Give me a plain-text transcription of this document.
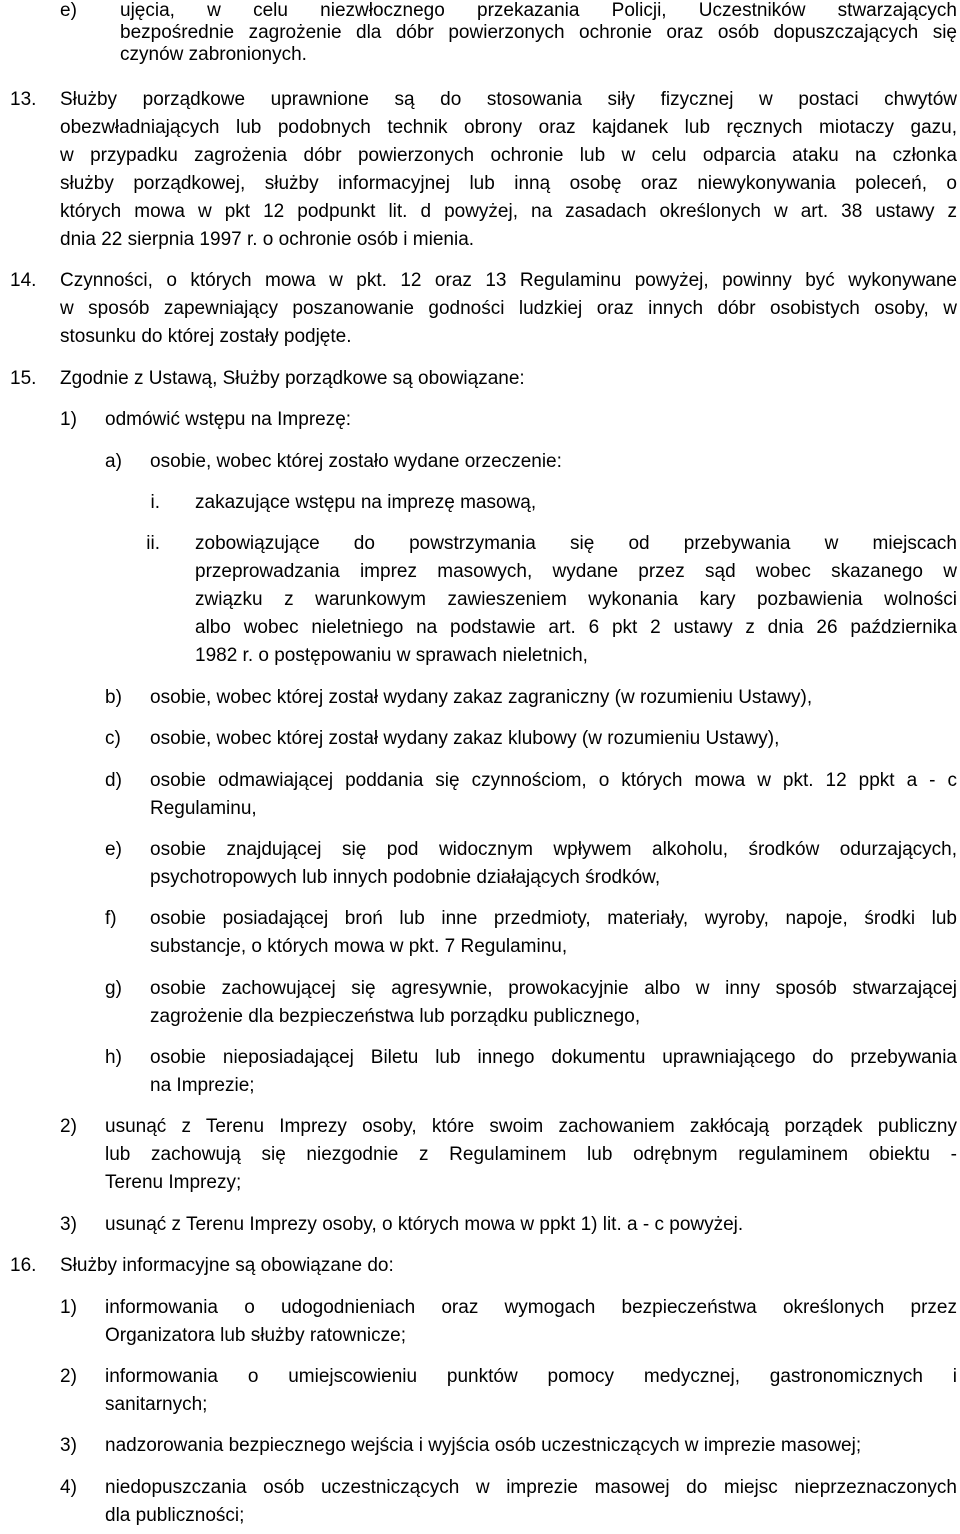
e) ujęcia, w celu niezwłocznego przekazania Policji, Uczestników stwarzających
bezpośrednie zagrożenie dla dóbr powierzonych ochronie oraz osób dopuszczających się
czynów zabronionych.
13. Służby porządkowe uprawnione są do stosowania siły fizycznej w postaci chwytów
obezwładniających lub podobnych technik obrony oraz kajdanek lub ręcznych miotaczy gazu,
w przypadku zagrożenia dóbr powierzonych ochronie lub w celu odparcia ataku na członka
służby porządkowej, służby informacyjnej lub inną osobę oraz niewykonywania poleceń, o
których mowa w pkt 12 podpunkt lit. d powyżej, na zasadach określonych w art. 38 ustawy z
dnia 22 sierpnia 1997 r. o ochronie osób i mienia.
14. Czynności, o których mowa w pkt. 12 oraz 13 Regulaminu powyżej, powinny być wykonywane
w sposób zapewniający poszanowanie godności ludzkiej oraz innych dóbr osobistych osoby, w
stosunku do której zostały podjęte.
15. Zgodnie z Ustawą, Służby porządkowe są obowiązane:
1) odmówić wstępu na Imprezę:
a) osobie, wobec której zostało wydane orzeczenie:
i. zakazujące wstępu na imprezę masową,
ii. zobowiązujące do powstrzymania się od przebywania w miejscach
przeprowadzania imprez masowych, wydane przez sąd wobec skazanego w
związku z warunkowym zawieszeniem wykonania kary pozbawienia wolności
albo wobec nieletniego na podstawie art. 6 pkt 2 ustawy z dnia 26 października
1982 r. o postępowaniu w sprawach nieletnich,
b) osobie, wobec której został wydany zakaz zagraniczny (w rozumieniu Ustawy),
c) osobie, wobec której został wydany zakaz klubowy (w rozumieniu Ustawy),
d) osobie odmawiającej poddania się czynnościom, o których mowa w pkt. 12 ppkt a - c
Regulaminu,
e) osobie znajdującej się pod widocznym wpływem alkoholu, środków odurzających,
psychotropowych lub innych podobnie działających środków,
f) osobie posiadającej broń lub inne przedmioty, materiały, wyroby, napoje, środki lub
substancje, o których mowa w pkt. 7 Regulaminu,
g) osobie zachowującej się agresywnie, prowokacyjnie albo w inny sposób stwarzającej
zagrożenie dla bezpieczeństwa lub porządku publicznego,
h) osobie nieposiadającej Biletu lub innego dokumentu uprawniającego do przebywania
na Imprezie;
2) usunąć z Terenu Imprezy osoby, które swoim zachowaniem zakłócają porządek publiczny
lub zachowują się niezgodnie z Regulaminem lub odrębnym regulaminem obiektu -
Terenu Imprezy;
3) usunąć z Terenu Imprezy osoby, o których mowa w ppkt 1) lit. a - c powyżej.
16. Służby informacyjne są obowiązane do:
1) informowania o udogodnieniach oraz wymogach bezpieczeństwa określonych przez
Organizatora lub służby ratownicze;
2) informowania o umiejscowieniu punktów pomocy medycznej, gastronomicznych i
sanitarnych;
3) nadzorowania bezpiecznego wejścia i wyjścia osób uczestniczących w imprezie masowej;
4) niedopuszczania osób uczestniczących w imprezie masowej do miejsc nieprzeznaczonych
dla publiczności;
